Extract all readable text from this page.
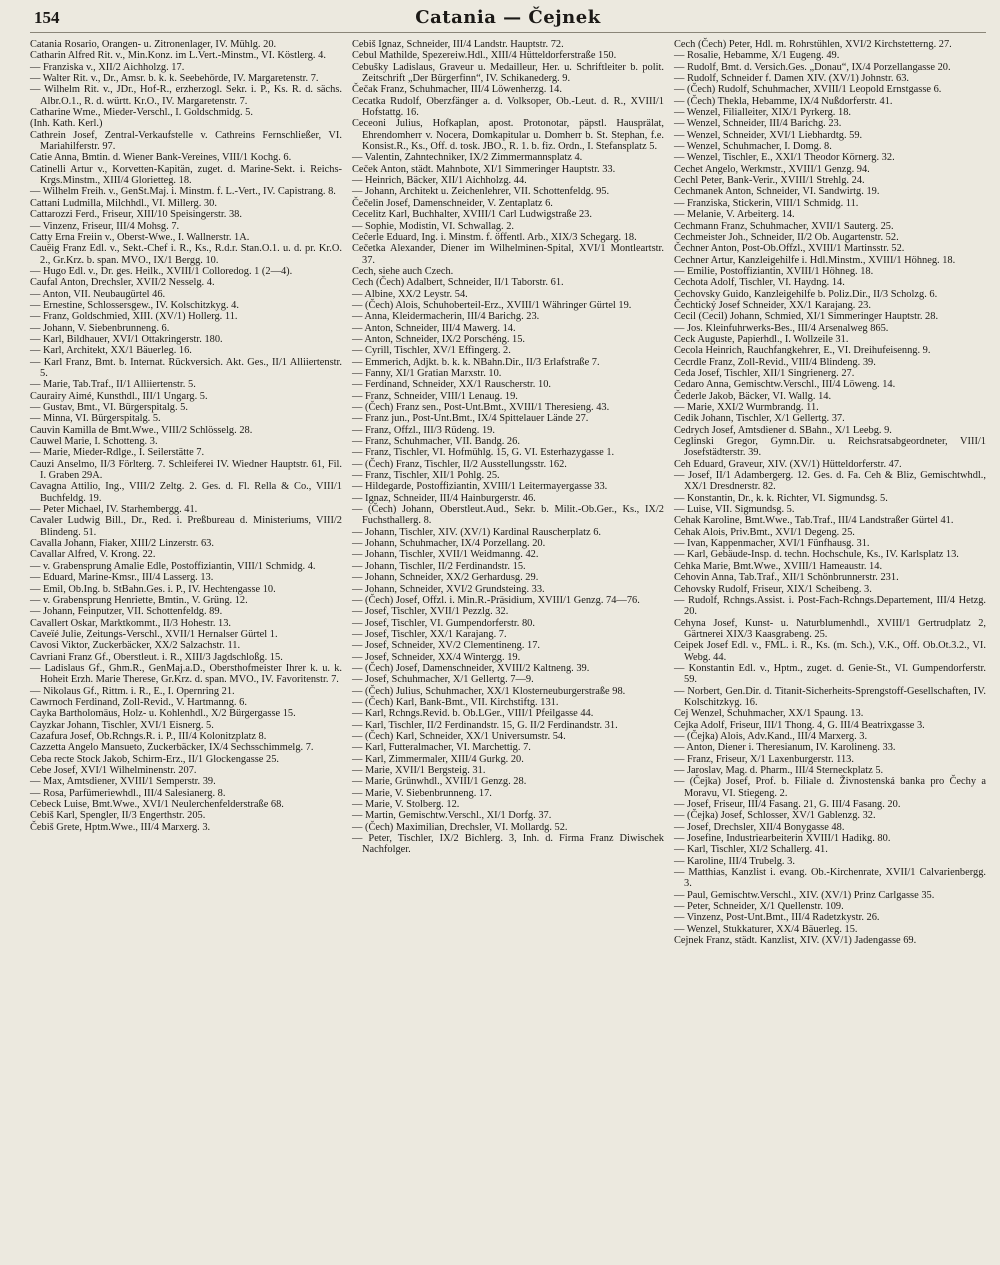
154	Catania — Čejnek

Catania Rosario, Orangen- u. Zitronenlager, IV. Mühlg. 20.

Catharin Alfred Rit. v., Min.Konz. im L.Vert.-Minstm., VI. Köstlerg. 4.

— Franziska v., XII/2 Aichholzg. 17.

— Walter Rit. v., Dr., Amsr. b. k. k. Seebehörde, IV. Margaretenstr. 7.

— Wilhelm Rit. v., JDr., Hof-R., erzherzogl. Sekr. i. P., Ks. R. d. sächs. Albr.O.1., R. d. württ. Kr.O., IV. Margaretenstr. 7.

Catharine Wme., Mieder-Verschl., I. Goldschmidg. 5.

(Inh. Kath. Kerl.)

Cathrein Josef, Zentral-Verkaufstelle v. Cathreins Fernschließer, VI. Mariahilferstr. 97.

Catie Anna, Bmtin. d. Wiener Bank-Vereines, VIII/1 Kochg. 6.

Catinelli Artur v., Korvetten-Kapitän, zuget. d. Marine-Sekt. i. Reichs-Krgs.Minstm., XIII/4 Gloriettеg. 18.

— Wilhelm Freih. v., GenSt.Maj. i. Minstm. f. L.-Vert., IV. Capistrang. 8.

Cattani Ludmilla, Milchhdl., VI. Millerg. 30.

Cattarozzi Ferd., Friseur, XIII/10 Speisingerstr. 38.

— Vinzenz, Friseur, III/4 Mohsg. 7.

Catty Erna Freiin v., Oberst-Wwe., I. Wallnerstr. 1A.

Cauëig Franz Edl. v., Sekt.-Chef i. R., Ks., R.d.r. Stan.O.1. u. d. pr. Kr.O. 2., Gr.Krz. b. span. MVO., IX/1 Bergg. 10.

— Hugo Edl. v., Dr. ges. Heilk., XVIII/1 Colloredog. 1 (2—4).

Caufal Anton, Drechsler, XVII/2 Nesselg. 4.

— Anton, VII. Neubaugürtel 46.

— Ernestine, Schlossersgew., IV. Kolschitzkyg. 4.

— Franz, Goldschmied, XIII. (XV/1) Hollerg. 11.

— Johann, V. Siebenbrunneng. 6.

— Karl, Bildhauer, XVI/1 Ottakringerstr. 180.

— Karl, Architekt, XX/1 Bäuerleg. 16.

— Karl Franz, Bmt. b. Internat. Rückversich. Akt. Ges., II/1 Alliiertenstr. 5.

— Marie, Tab.Traf., II/1 Alliiertenstr. 5.

Caurairy Aimé, Kunsthdl., III/1 Ungarg. 5.

— Gustav, Bmt., VI. Bürgerspitalg. 5.

— Minna, VI. Bürgerspitalg. 5.

Cauvin Kamilla de Bmt.Wwe., VIII/2 Schlösselg. 28.

Cauwel Marie, I. Schotteng. 3.

— Marie, Mieder-Rdlge., I. Seilerstätte 7.

Cauzi Anselmo, II/3 Förlterg. 7. Schleiferei IV. Wiedner Hauptstr. 61, Fil. I. Graben 29A.

Cavagna Attilio, Ing., VIII/2 Zeltg. 2. Ges. d. Fl. Rella & Co., VIII/1 Buchfeldg. 19.

— Peter Michael, IV. Starhembergg. 41.

Cavaler Ludwig Bill., Dr., Red. i. Preßbureau d. Ministeriums, VIII/2 Blindeng. 51.

Cavalla Johann, Fiaker, XIII/2 Linzerstr. 63.

Cavallar Alfred, V. Krong. 22.

— v. Grabensprung Amalie Edle, Postoffiziantin, VIII/1 Schmidg. 4.

— Eduard, Marine-Kmsr., III/4 Lasserg. 13.

— Emil, Ob.Ing. b. StBahn.Ges. i. P., IV. Hechtengasse 10.

— v. Grabensprung Henriette, Bmtin., V. Grüng. 12.

— Johann, Feinputzer, VII. Schottenfeldg. 89.

Cavallert Oskar, Marktkommt., II/3 Hohestr. 13.

Caveïé Julie, Zeitungs-Verschl., XVII/1 Hernalser Gürtel 1.

Cavosi Viktor, Zuckerbäcker, XX/2 Salzachstr. 11.

Cavriani Franz Gf., Oberstleut. i. R., XIII/3 Jagdschloßg. 15.

— Ladislaus Gf., Ghm.R., GenMaj.a.D., Obersthofmeister Ihrer k. u. k. Hoheit Erzh. Marie Therese, Gr.Krz. d. span. MVO., IV. Favoritenstr. 7.

— Nikolaus Gf., Rittm. i. R., E., I. Opernring 21.

Cawrnoch Ferdinand, Zoll-Revid., V. Hartmanng. 6.

Cayka Bartholomäus, Holz- u. Kohlenhdl., X/2 Bürgergasse 15.

Cayzkar Johann, Tischler, XVI/1 Eisnerg. 5.

Cazafura Josef, Ob.Rchngs.R. i. P., III/4 Kolonitzplatz 8.

Cazzetta Angelo Mansueto, Zuckerbäcker, IX/4 Sechsschimmelg. 7.

Ceba recte Stock Jakob, Schirm-Erz., II/1 Glockengasse 25.

Cebe Josef, XVI/1 Wilhelminenstr. 207.

— Max, Amtsdiener, XVIII/1 Semperstr. 39.

— Rosa, Parfümeriewhdl., III/4 Salesianerg. 8.

Cebeck Luise, Bmt.Wwe., XVI/1 Neulerchenfelderstraße 68.

Cebiš Karl, Spengler, II/3 Engerthstr. 205.

Čebiš Grete, Hptm.Wwe., III/4 Marxerg. 3.

Cebiš Ignaz, Schneider, III/4 Landstr. Hauptstr. 72.

Cebul Mathilde, Spezereiw.Hdl., XIII/4 Hütteldorferstraße 150.

Cebušky Ladislaus, Graveur u. Medailleur, Her. u. Schriftleiter b. polit. Zeitschrift „Der Bürgerfinn“, IV. Schikanederg. 9.

Čečak Franz, Schuhmacher, III/4 Löwenherzg. 14.

Cecatka Rudolf, Oberzfänger a. d. Volksoper, Ob.-Leut. d. R., XVIII/1 Hofstattg. 16.

Ceceoni Julius, Hofkaplan, apost. Protonotar, päpstl. Hausprälat, Ehrendomherr v. Nocera, Domkapitular u. Domherr b. St. Stephan, f.e. Konsist.R., Ks., Off. d. tosk. JBO., R. 1. b. fiz. Ordn., I. Stefansplatz 5.

— Valentin, Zahntechniker, IX/2 Zimmermannsplatz 4.

Ceček Anton, städt. Mahnbote, XI/1 Simmeringer Hauptstr. 33.

— Heinrich, Bäcker, XII/1 Aichholzg. 44.

— Johann, Architekt u. Zeichenlehrer, VII. Schottenfeldg. 95.

Čečelin Josef, Damenschneider, V. Zentaplatz 6.

Cecelitz Karl, Buchhalter, XVIII/1 Carl Ludwigstraße 23.

— Sophie, Modistin, VI. Schwallag. 2.

Ceĉerle Eduard, Ing. i. Minstm. f. öffentl. Arb., XIX/3 Schegarg. 18.

Cečetka Alexander, Diener im Wilhelminen-Spital, XVI/1 Montleartstr. 37.

Cech, siehe auch Czech.

Cech (Čech) Adalbert, Schneider, II/1 Taborstr. 61.

— Albine, XX/2 Leystr. 54.

— (Čech) Alois, Schuhoberteil-Erz., XVIII/1 Währinger Gürtel 19.

— Anna, Kleidermacherin, III/4 Barichg. 23.

— Anton, Schneider, III/4 Mawerg. 14.

— Anton, Schneider, IX/2 Porschéng. 15.

— Cyrill, Tischler, XV/1 Effingerg. 2.

— Emmerich, Adjkt. b. k. k. NBahn.Dir., II/3 Erlafstraße 7.

— Fanny, XI/1 Gratian Marxstr. 10.

— Ferdinand, Schneider, XX/1 Rauscherstr. 10.

— Franz, Schneider, VIII/1 Lenaug. 19.

— (Čech) Franz sen., Post-Unt.Bmt., XVIII/1 Theresieng. 43.

— Franz jun., Post-Unt.Bmt., IX/4 Spittelauer Lände 27.

— Franz, Offzl., III/3 Rüdeng. 19.

— Franz, Schuhmacher, VII. Bandg. 26.

— Franz, Tischler, VI. Hofmühlg. 15, G. VI. Esterhazygasse 1.

— (Čech) Franz, Tischler, II/2 Ausstellungsstr. 162.

— Franz, Tischler, XII/1 Pohlg. 25.

— Hildegarde, Postoffiziantin, XVIII/1 Leitermayergasse 33.

— Ignaz, Schneider, III/4 Hainburgerstr. 46.

— (Čech) Johann, Oberstleut.Aud., Sekr. b. Milit.-Ob.Ger., Ks., IX/2 Fuchsthallerg. 8.

— Johann, Tischler, XIV. (XV/1) Kardinal Rauscherplatz 6.

— Johann, Schuhmacher, IX/4 Porzellang. 20.

— Johann, Tischler, XVII/1 Weidmanng. 42.

— Johann, Tischler, II/2 Ferdinandstr. 15.

— Johann, Schneider, XX/2 Gerhardusg. 29.

— Johann, Schneider, XVI/2 Grundsteing. 33.

— (Čech) Josef, Offzl. i. Min.R.-Präsidium, XVIII/1 Genzg. 74—76.

— Josef, Tischler, XVII/1 Pezzlg. 32.

— Josef, Tischler, VI. Gumpendorferstr. 80.

— Josef, Tischler, XX/1 Karajang. 7.

— Josef, Schneider, XV/2 Clementineng. 17.

— Josef, Schneider, XX/4 Wintergg. 19.

— (Čech) Josef, Damenschneider, XVIII/2 Kaltneng. 39.

— Josef, Schuhmacher, X/1 Gellertg. 7—9.

— (Čech) Julius, Schuhmacher, XX/1 Klosterneuburgerstraße 98.

— (Čech) Karl, Bank-Bmt., VII. Kirchstiftg. 131.

— Karl, Rchngs.Revid. b. Ob.LGer., VIII/1 Pfeilgasse 44.

— Karl, Tischler, II/2 Ferdinandstr. 15, G. II/2 Ferdinandstr. 31.

— (Čech) Karl, Schneider, XX/1 Universumstr. 54.

— Karl, Futteralmacher, VI. Marchettig. 7.

— Karl, Zimmermaler, XIII/4 Gurkg. 20.

— Marie, XVII/1 Bergsteig. 31.

— Marie, Grünwhdl., XVIII/1 Genzg. 28.

— Marie, V. Siebenbrunneng. 17.

— Marie, V. Stolberg. 12.

— Martin, Gemischtw.Verschl., XI/1 Dorfg. 37.

— (Čech) Maximilian, Drechsler, VI. Mollardg. 52.

— Peter, Tischler, IX/2 Bichlerg. 3, Inh. d. Firma Franz Diwischek Nachfolger.

Cech (Čech) Peter, Hdl. m. Rohrstühlen, XVI/2 Kirchstetterng. 27.

— Rosalie, Hebamme, X/1 Eugeng. 49.

— Rudolf, Bmt. d. Versich.Ges. „Donau“, IX/4 Porzellangasse 20.

— Rudolf, Schneider f. Damen XIV. (XV/1) Johnstr. 63.

— (Čech) Rudolf, Schuhmacher, XVIII/1 Leopold Ernstgasse 6.

— (Čech) Thekla, Hebamme, IX/4 Nußdorferstr. 41.

— Wenzel, Filialleiter, XIX/1 Pyrkerg. 18.

— Wenzel, Schneider, III/4 Barichg. 23.

— Wenzel, Schneider, XVI/1 Liebhardtg. 59.

— Wenzel, Schuhmacher, I. Domg. 8.

— Wenzel, Tischler, E., XXI/1 Theodor Körnerg. 32.

Cechet Angelo, Werkmstr., XVIII/1 Genzg. 94.

Cechl Peter, Bank-Verir., XVIII/1 Strehlg. 24.

Cechmanek Anton, Schneider, VI. Sandwirtg. 19.

— Franziska, Stickerin, VIII/1 Schmidg. 11.

— Melanie, V. Arbeiterg. 14.

Cechmann Franz, Schuhmacher, XVII/1 Sauterg. 25.

Cechmeister Joh., Schneider, II/2 Ob. Augartenstr. 52.

Čechner Anton, Post-Ob.Offzl., XVIII/1 Martinsstr. 52.

Cechner Artur, Kanzleigehilfe i. Hdl.Minstm., XVIII/1 Höhneg. 18.

— Emilie, Postoffiziantin, XVIII/1 Höhneg. 18.

Cechota Adolf, Tischler, VI. Haydng. 14.

Cechovsky Guido, Kanzleigehilfe b. Poliz.Dir., II/3 Scholzg. 6.

Čechtický Josef Schneider, XX/1 Karajang. 23.

Cecil (Cecil) Johann, Schmied, XI/1 Simmeringer Hauptstr. 28.

— Jos. Kleinfuhrwerks-Bes., III/4 Arsenalweg 865.

Ceck Auguste, Papierhdl., I. Wollzeile 31.

Cecola Heinrich, Rauchfangkehrer, E., VI. Dreihufeisenng. 9.

Cecrdle Franz, Zoll-Revid., VIII/4 Blindeng. 39.

Ceda Josef, Tischler, XII/1 Singrienerg. 27.

Cedaro Anna, Gemischtw.Verschl., III/4 Löweng. 14.

Čederle Jakob, Bäcker, VI. Wallg. 14.

— Marie, XXI/2 Wurmbrandg. 11.

Cedik Johann, Tischler, X/1 Gellertg. 37.

Cedrych Josef, Amtsdiener d. SBahn., X/1 Leebg. 9.

Ceglinski Gregor, Gymn.Dir. u. Reichsratsabgeordneter, VIII/1 Josefstädterstr. 39.

Ceh Eduard, Graveur, XIV. (XV/1) Hütteldorferstr. 47.

— Josef, II/1 Adambergerg. 12. Ges. d. Fa. Ceh & Bliz, Gemischtwhdl., XX/1 Dresdnerstr. 82.

— Konstantin, Dr., k. k. Richter, VI. Sigmundsg. 5.

— Luise, VII. Sigmundsg. 5.

Cehak Karoline, Bmt.Wwe., Tab.Traf., III/4 Landstraßer Gürtel 41.

Cehak Alois, Priv.Bmt., XVI/1 Degeng. 25.

— Ivan, Kappenmacher, XVI/1 Fünfhausg. 31.

— Karl, Gebäude-Insp. d. techn. Hochschule, Ks., IV. Karlsplatz 13.

Cehka Marie, Bmt.Wwe., XVIII/1 Hameaustr. 14.

Cehovin Anna, Tab.Traf., XII/1 Schönbrunnerstr. 231.

Cehovsky Rudolf, Friseur, XIX/1 Scheibeng. 3.

— Rudolf, Rchngs.Assist. i. Post-Fach-Rchngs.Departement, III/4 Hetzg. 20.

Cehyna Josef, Kunst- u. Naturblumenhdl., XVIII/1 Gertrudplatz 2, Gärtnerei XIX/3 Kaasgrabeng. 25.

Ceipek Josef Edl. v., FML. i. R., Ks. (m. Sch.), V.K., Off. Ob.Ot.3.2., VI. Webg. 44.

— Konstantin Edl. v., Hptm., zuget. d. Genie-St., VI. Gumpendorferstr. 59.

— Norbert, Gen.Dir. d. Titanit-Sicherheits-Sprengstoff-Gesellschaften, IV. Kolschitzkyg. 16.

Cej Wenzel, Schuhmacher, XX/1 Spaung. 13.

Cejka Adolf, Friseur, III/1 Thong. 4, G. III/4 Beatrixgasse 3.

— (Čejka) Alois, Adv.Kand., III/4 Marxerg. 3.

— Anton, Diener i. Theresianum, IV. Karolineng. 33.

— Franz, Friseur, X/1 Laxenburgerstr. 113.

— Jaroslav, Mag. d. Pharm., III/4 Sterneckplatz 5.

— (Čejka) Josef, Prof. b. Filiale d. Živnostenská banka pro Čechy a Moravu, VI. Stiegeng. 2.

— Josef, Friseur, III/4 Fasang. 21, G. III/4 Fasang. 20.

— (Čejka) Josef, Schlosser, XV/1 Gablenzg. 32.

— Josef, Drechsler, XII/4 Bonygasse 48.

— Josefine, Industriearbeiterin XVIII/1 Hadikg. 80.

— Karl, Tischler, XI/2 Schallerg. 41.

— Karoline, III/4 Trubelg. 3.

— Matthias, Kanzlist i. evang. Ob.-Kirchenrate, XVII/1 Calvarienbergg. 3.

— Paul, Gemischtw.Verschl., XIV. (XV/1) Prinz Carlgasse 35.

— Peter, Schneider, X/1 Quellenstr. 109.

— Vinzenz, Post-Unt.Bmt., III/4 Radetzkystr. 26.

— Wenzel, Stukkaturer, XX/4 Bäuerleg. 15.

Cejnek Franz, städt. Kanzlist, XIV. (XV/1) Jadengasse 69.
